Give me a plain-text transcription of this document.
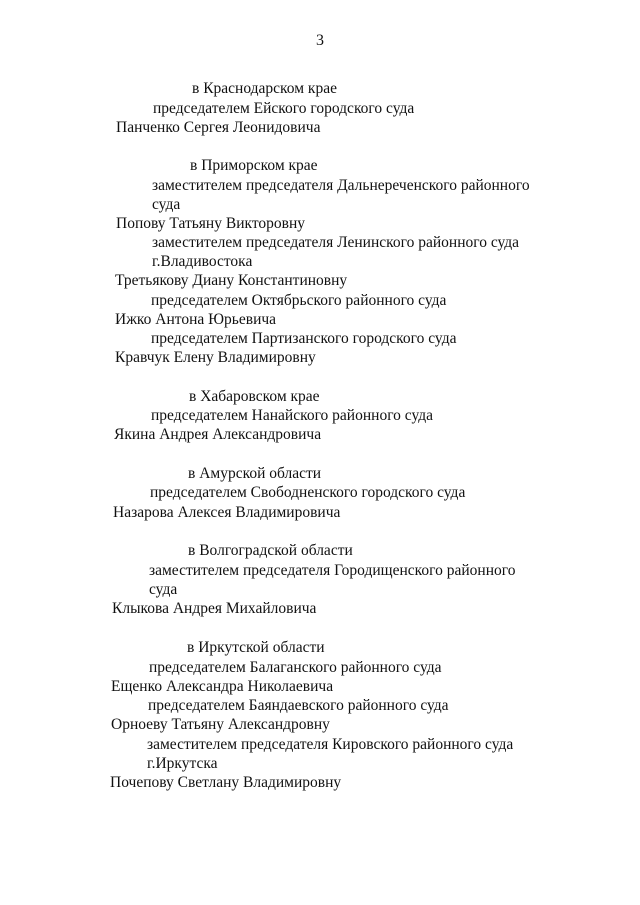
3
в Краснодарском крае
председателем Ейского городского суда
Панченко Сергея Леонидовича
в Приморском крае
заместителем председателя Дальнереченского районного
суда
Попову Татьяну Викторовну
заместителем председателя Ленинского районного суда
г.Владивостока
Третьякову Диану Константиновну
председателем Октябрьского районного суда
Ижко Антона Юрьевича
председателем Партизанского городского суда
Кравчук Елену Владимировну
в Хабаровском крае
председателем Нанайского районного суда
Якина Андрея Александровича
в Амурской области
председателем Свободненского городского суда
Назарова Алексея Владимировича
в Волгоградской области
заместителем председателя Городищенского районного
суда
Клыкова Андрея Михайловича
в Иркутской области
председателем Балаганского районного суда
Ещенко Александра Николаевича
председателем Баяндаевского районного суда
Орноеву Татьяну Александровну
заместителем председателя Кировского районного суда
г.Иркутска
Почепову Светлану Владимировну
